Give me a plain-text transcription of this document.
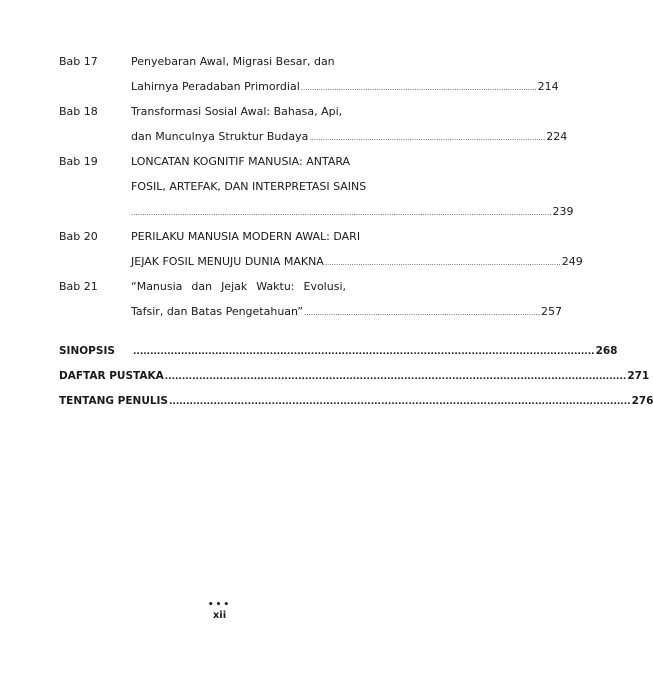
Bab 17	Penyebaran Awal, Migrasi Besar, dan
Lahirnya Peradaban Primordial .......................................................................................................... 214
Bab 18	Transformasi Sosial Awal: Bahasa, Api,
dan Munculnya Struktur Budaya .......................................................................................................... 224
Bab 19	LONCATAN KOGNITIF MANUSIA: ANTARA
FOSIL, ARTEFAK, DAN INTERPRETASI SAINS
............................................................................................................................................................................................. 239
Bab 20	PERILAKU MANUSIA MODERN AWAL: DARI
JEJAK FOSIL MENUJU DUNIA MAKNA .......................................................................................................... 249
Bab 21	“Manusia dan Jejak Waktu: Evolusi,
Tafsir, dan Batas Pengetahuan” .......................................................................................................... 257
SINOPSIS	....................................................................................................................................... 268
DAFTAR PUSTAKA ....................................................................................................................................... 271
TENTANG PENULIS ....................................................................................................................................... 276
•••
xii
